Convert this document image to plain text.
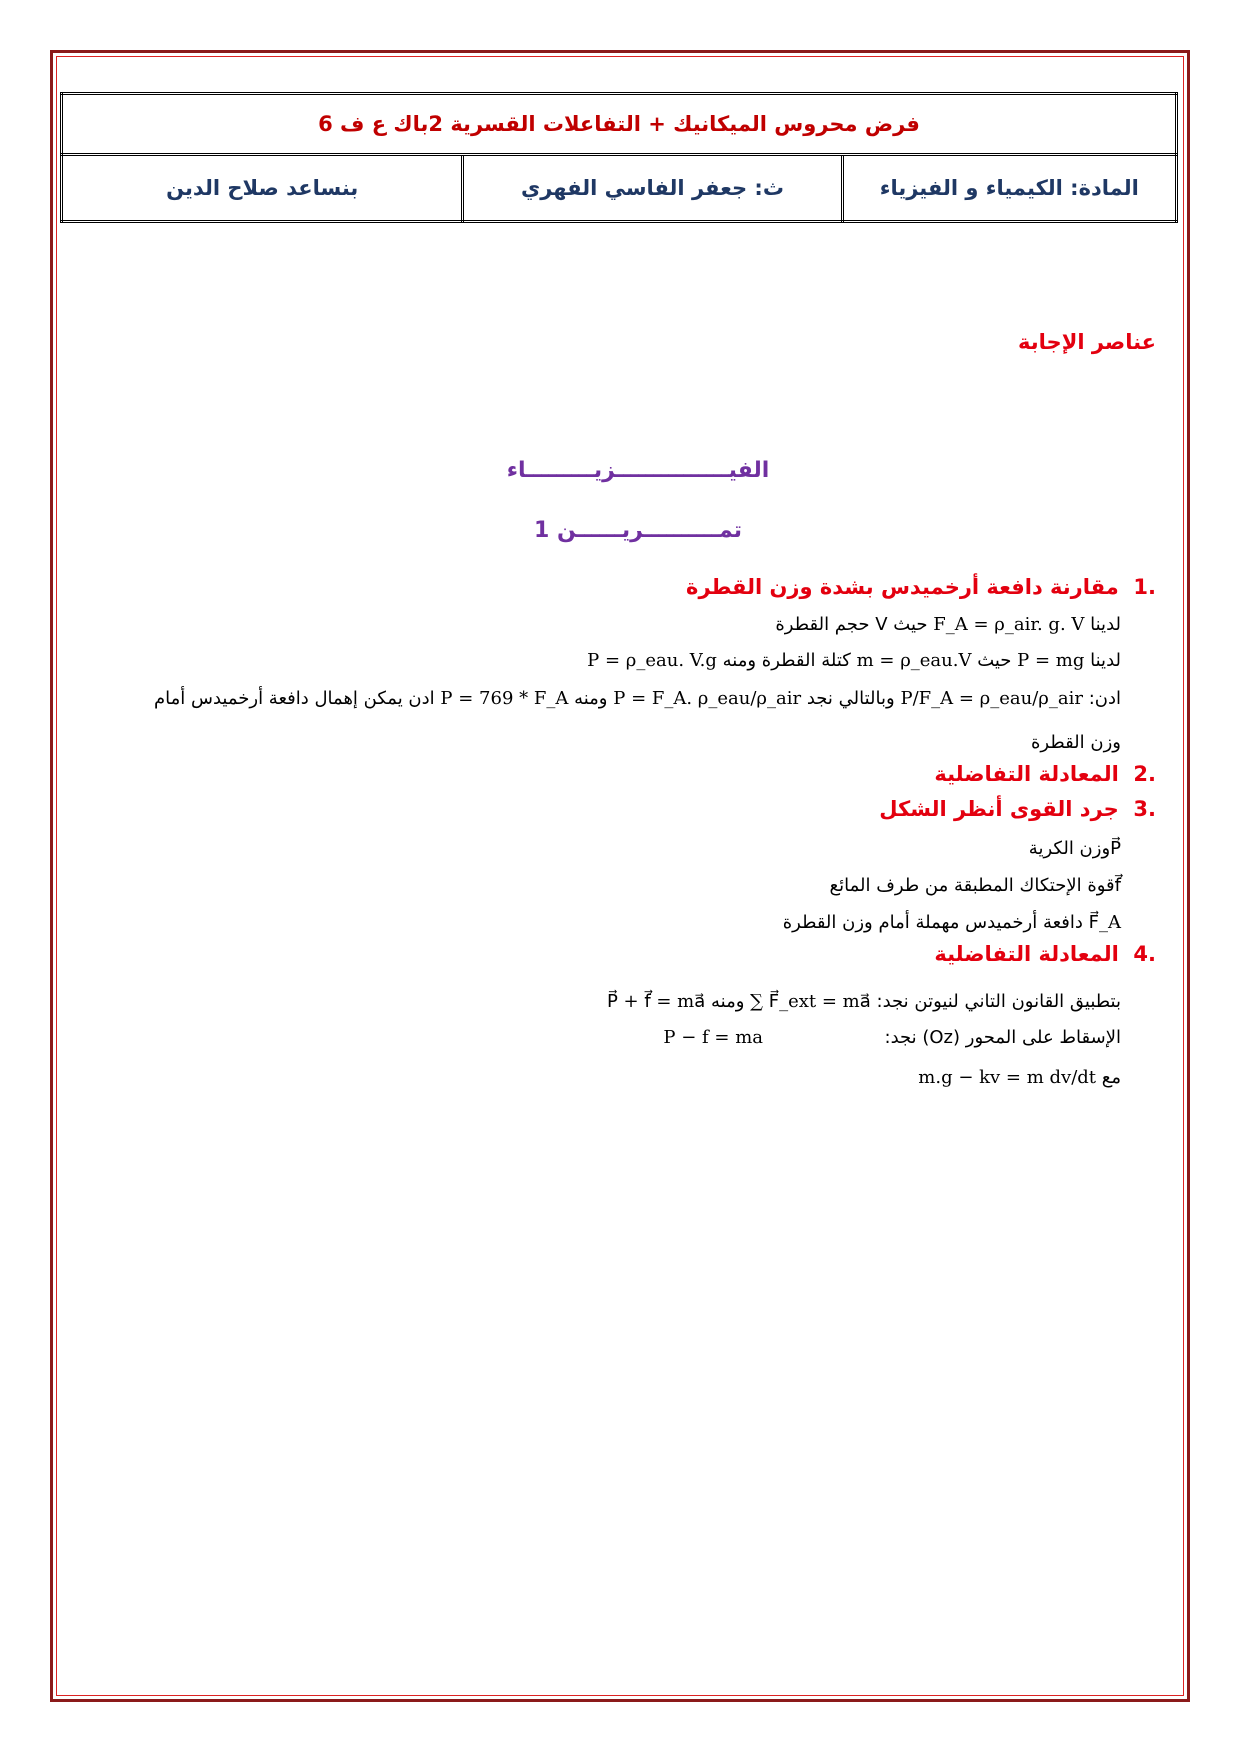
فرض محروس الميكانيك + التفاعلات القسرية 2باك ع ف 6
المادة: الكيمياء و الفيزياء	ث: جعفر الفاسي الفهري	بنساعد صلاح الدين
عناصر الإجابة
الفيـــــــــــــــزيـــــــــاء
تمــــــــــريــــــن 1
1.  مقارنة دافعة أرخميدس بشدة وزن القطرة
لدينا F_A = ρ_air. g. V حيث V حجم القطرة
لدينا P = mg حيث m = ρ_eau.V كتلة القطرة ومنه P = ρ_eau. V.g
ادن: P/F_A = ρ_eau/ρ_air وبالتالي نجد P = F_A. ρ_eau/ρ_air ومنه P = 769 * F_A ادن يمكن إهمال دافعة أرخميدس أمام
وزن القطرة
2.  المعادلة التفاضلية
3.  جرد القوى أنظر الشكل
P⃗وزن الكرية
f⃗قوة الإحتكاك المطبقة من طرف المائع
F⃗_A دافعة أرخميدس مهملة أمام وزن القطرة
4.  المعادلة التفاضلية
بتطبيق القانون التاني لنيوتن نجد: ∑ F⃗_ext = ma⃗ ومنه P⃗ + f⃗ = ma⃗
الإسقاط على المحور (Oz) نجد:  P − f = ma
مع m.g − kv = m dv/dt
